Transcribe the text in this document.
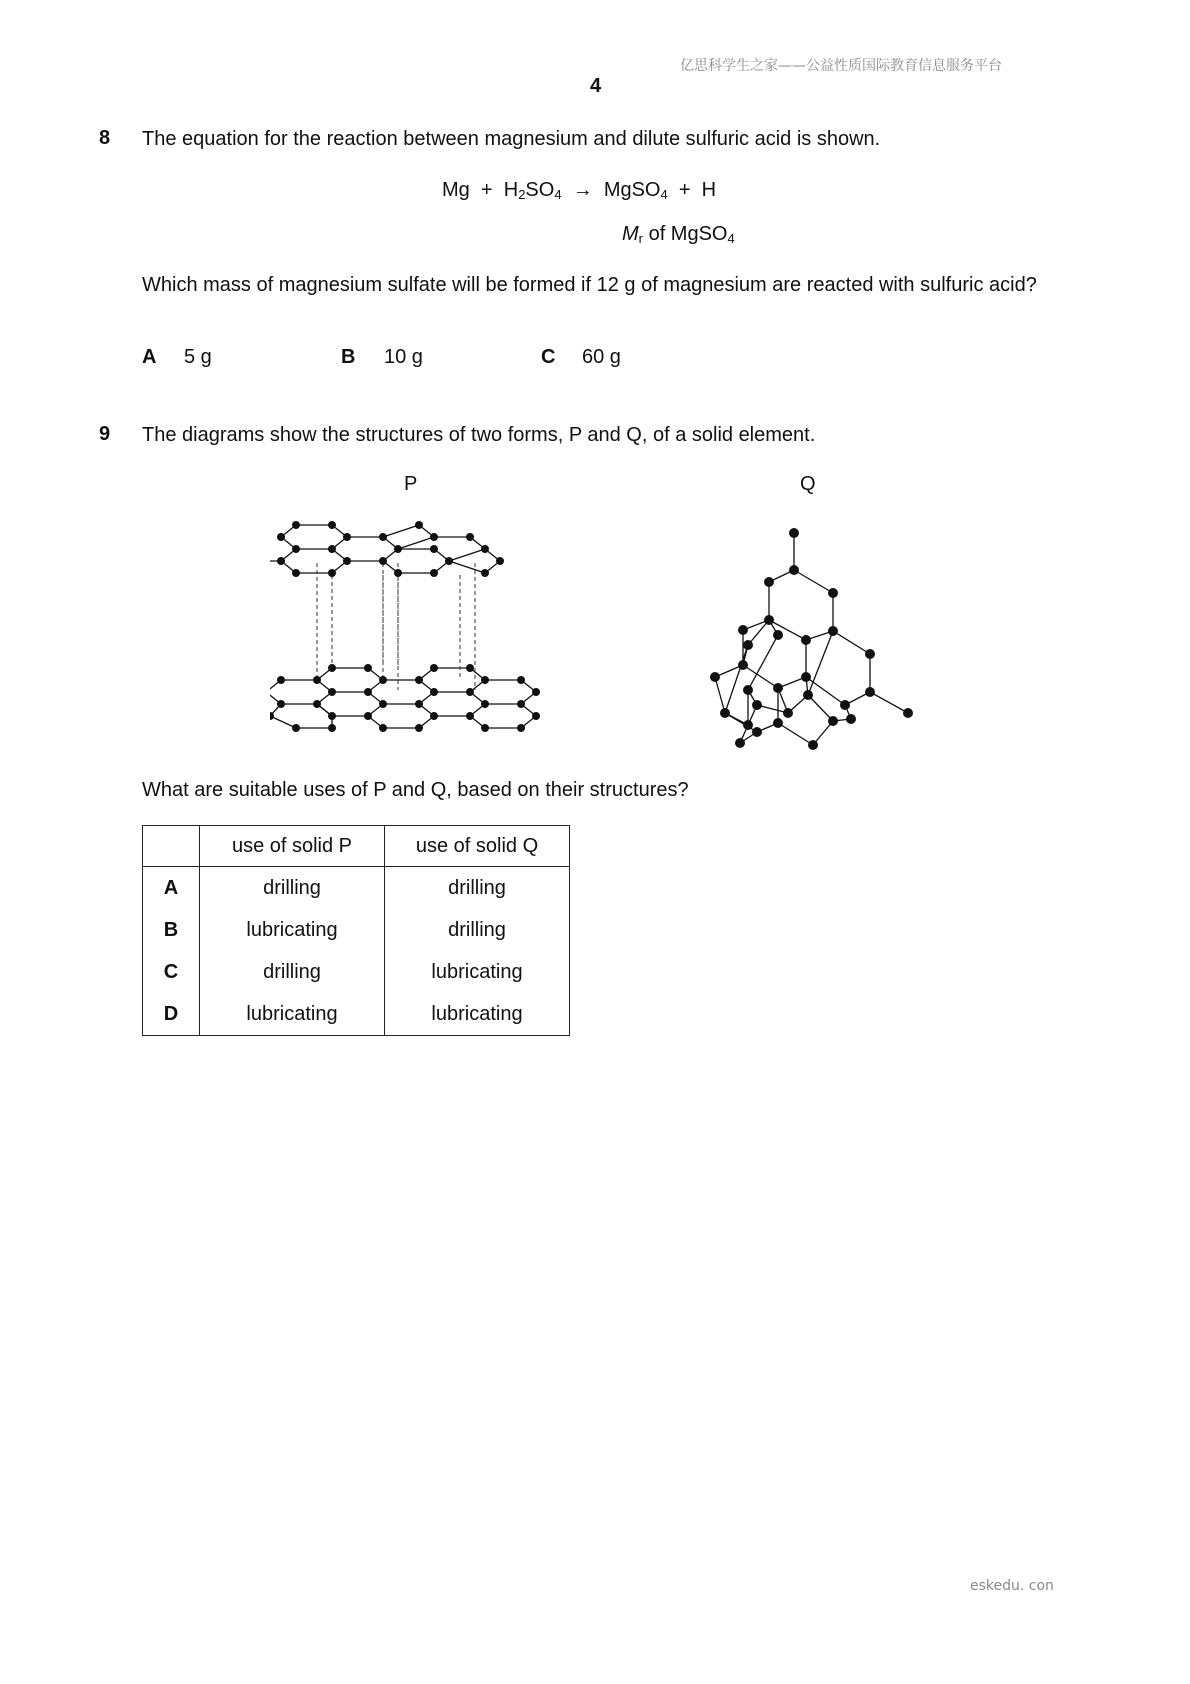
亿思科学生之家——公益性质国际教育信息服务平台
4
8 The equation for the reaction between magnesium and dilute sulfuric acid is shown.
$Mg + H_2SO_4$ → MgSO$_4$ + H
$M_r$ of MgSO$_4$
Which mass of magnesium sulfate will be formed if 12 g of magnesium are reacted with sulfuric acid?
A 5 g	B 10 g	C 60 g
9 The diagrams show the structures of two forms, P and Q, of a solid element.
P	Q
What are suitable uses of P and Q, based on their structures?
	use of solid P	use of solid Q
A	drilling	drilling
B	lubricating	drilling
C	drilling	lubricating
D	lubricating	lubricating
eskedu. con
